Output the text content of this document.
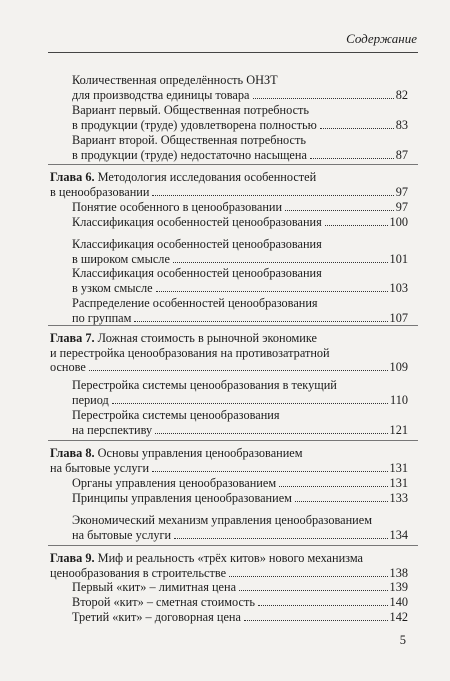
Содержание
Количественная определённость ОНЗТ
для производства единицы товара	82
Вариант первый. Общественная потребность
в продукции (труде) удовлетворена полностью	83
Вариант второй. Общественная потребность
в продукции (труде) недостаточно насыщена	87
Глава 6. Методология исследования особенностей
в ценообразовании	97
Понятие особенного в ценообразовании	97
Классификация особенностей ценообразования	100
Классификация особенностей ценообразования
в широком смысле	101
Классификация особенностей ценообразования
в узком смысле	103
Распределение особенностей ценообразования
по группам	107
Глава 7. Ложная стоимость в рыночной экономике
и перестройка ценообразования на противозатратной
основе	109
Перестройка системы ценообразования в текущий
период	110
Перестройка системы ценообразования
на перспективу	121
Глава 8. Основы управления ценообразованием
на бытовые услуги	131
Органы управления ценообразованием	131
Принципы управления ценообразованием	133
Экономический механизм управления ценообразованием
на бытовые услуги	134
Глава 9. Миф и реальность «трёх китов» нового механизма
ценообразования в строительстве	138
Первый «кит» – лимитная цена	139
Второй «кит» – сметная стоимость	140
Третий «кит» – договорная цена	142
5
